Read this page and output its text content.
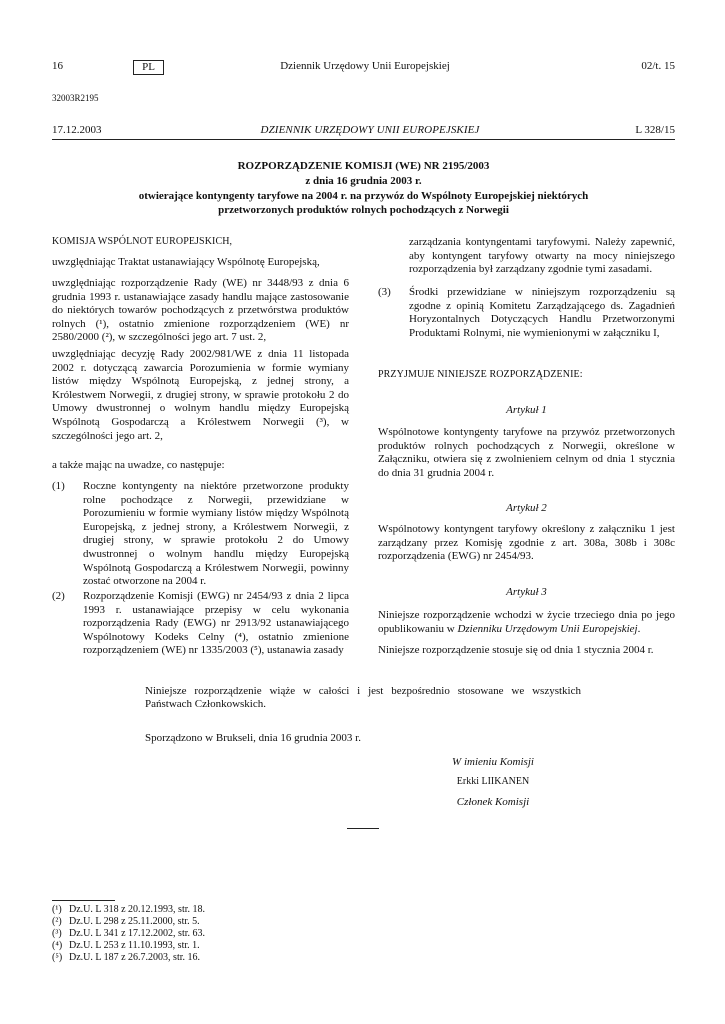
16	PL	Dziennik Urzędowy Unii Europejskiej	02/t. 15
32003R2195
17.12.2003	DZIENNIK URZĘDOWY UNII EUROPEJSKIEJ	L 328/15
ROZPORZĄDZENIE KOMISJI (WE) NR 2195/2003
z dnia 16 grudnia 2003 r.
otwierające kontyngenty taryfowe na 2004 r. na przywóz do Wspólnoty Europejskiej niektórych
przetworzonych produktów rolnych pochodzących z Norwegii
KOMISJA WSPÓLNOT EUROPEJSKICH,
uwzględniając Traktat ustanawiający Wspólnotę Europejską,
uwzględniając rozporządzenie Rady (WE) nr 3448/93 z dnia 6 grudnia 1993 r. ustanawiające zasady handlu mające zastosowanie do niektórych towarów pochodzących z przetwórstwa produktów rolnych (¹), ostatnio zmienione rozporządzeniem (WE) nr 2580/2000 (²), w szczególności jego art. 7 ust. 2,
uwzględniając decyzję Rady 2002/981/WE z dnia 11 listopada 2002 r. dotyczącą zawarcia Porozumienia w formie wymiany listów między Wspólnotą Europejską, z jednej strony, a Królestwem Norwegii, z drugiej strony, w sprawie protokołu 2 do Umowy dwustronnej o wolnym handlu między Europejską Wspólnotą Gospodarczą a Królestwem Norwegii (³), w szczególności jego art. 2,
a także mając na uwadze, co następuje:
(1) Roczne kontyngenty na niektóre przetworzone produkty rolne pochodzące z Norwegii, przewidziane w Porozumieniu w formie wymiany listów między Wspólnotą Europejską, z jednej strony, a Królestwem Norwegii, z drugiej strony, w sprawie protokołu 2 do Umowy dwustronnej o wolnym handlu między Europejską Wspólnotą Gospodarczą a Królestwem Norwegii, powinny zostać otworzone na 2004 r.
(2) Rozporządzenie Komisji (EWG) nr 2454/93 z dnia 2 lipca 1993 r. ustanawiające przepisy w celu wykonania rozporządzenia Rady (EWG) nr 2913/92 ustanawiającego Wspólnotowy Kodeks Celny (⁴), ostatnio zmienione rozporządzeniem (WE) nr 1335/2003 (⁵), ustanawia zasady
zarządzania kontyngentami taryfowymi. Należy zapewnić, aby kontyngent taryfowy otwarty na mocy niniejszego rozporządzenia był zarządzany zgodnie tymi zasadami.
(3) Środki przewidziane w niniejszym rozporządzeniu są zgodne z opinią Komitetu Zarządzającego ds. Zagadnień Horyzontalnych Dotyczących Handlu Przetworzonymi Produktami Rolnymi, nie wymienionymi w załączniku I,
PRZYJMUJE NINIEJSZE ROZPORZĄDZENIE:
Artykuł 1
Wspólnotowe kontyngenty taryfowe na przywóz przetworzonych produktów rolnych pochodzących z Norwegii, określone w Załączniku, otwiera się z zwolnieniem celnym od dnia 1 stycznia do dnia 31 grudnia 2004 r.
Artykuł 2
Wspólnotowy kontyngent taryfowy określony z załączniku 1 jest zarządzany przez Komisję zgodnie z art. 308a, 308b i 308c rozporządzenia (EWG) nr 2454/93.
Artykuł 3
Niniejsze rozporządzenie wchodzi w życie trzeciego dnia po jego opublikowaniu w Dzienniku Urzędowym Unii Europejskiej.
Niniejsze rozporządzenie stosuje się od dnia 1 stycznia 2004 r.
Niniejsze rozporządzenie wiąże w całości i jest bezpośrednio stosowane we wszystkich
Państwach Członkowskich.
Sporządzono w Brukseli, dnia 16 grudnia 2003 r.
W imieniu Komisji
Erkki LIIKANEN
Członek Komisji
(¹) Dz.U. L 318 z 20.12.1993, str. 18.
(²) Dz.U. L 298 z 25.11.2000, str. 5.
(³) Dz.U. L 341 z 17.12.2002, str. 63.
(⁴) Dz.U. L 253 z 11.10.1993, str. 1.
(⁵) Dz.U. L 187 z 26.7.2003, str. 16.
